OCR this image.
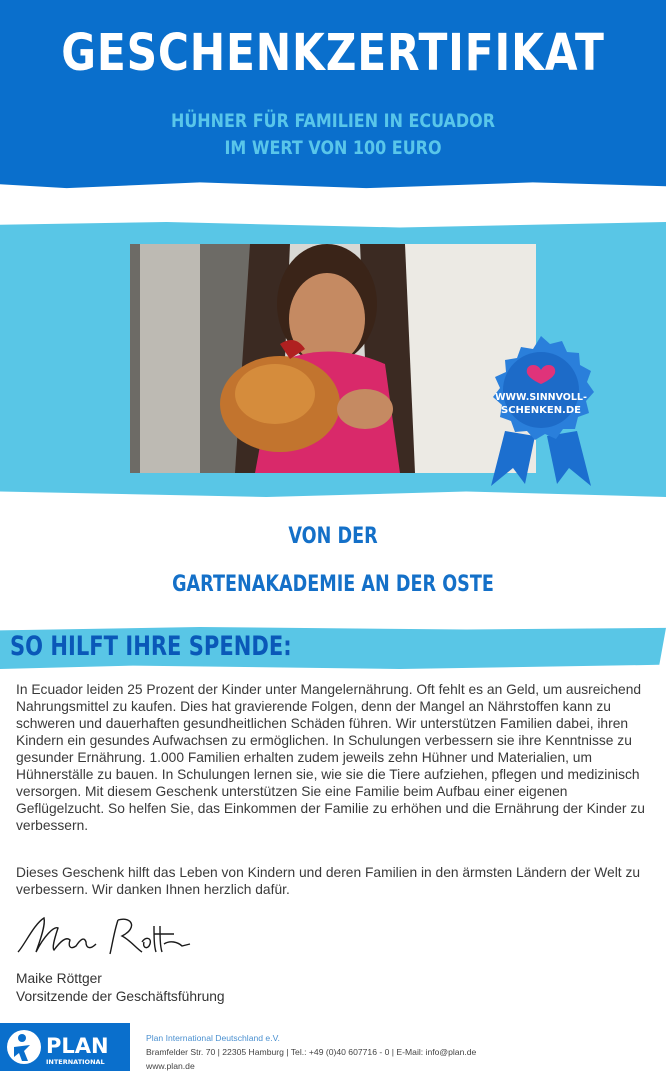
GESCHENKZERTIFIKAT
HÜHNER FÜR FAMILIEN IN ECUADOR
IM WERT VON 100 EURO
WWW.SINNVOLL-
SCHENKEN.DE
VON DER
GARTENAKADEMIE AN DER OSTE
SO HILFT IHRE SPENDE:
In Ecuador leiden 25 Prozent der Kinder unter Mangelernährung. Oft fehlt es an Geld, um ausreichend
Nahrungsmittel zu kaufen. Dies hat gravierende Folgen, denn der Mangel an Nährstoffen kann zu
schweren und dauerhaften gesundheitlichen Schäden führen. Wir unterstützen Familien dabei, ihren
Kindern ein gesundes Aufwachsen zu ermöglichen. In Schulungen verbessern sie ihre Kenntnisse zu
gesunder Ernährung. 1.000 Familien erhalten zudem jeweils zehn Hühner und Materialien, um
Hühnerställe zu bauen. In Schulungen lernen sie, wie sie die Tiere aufziehen, pflegen und medizinisch
versorgen. Mit diesem Geschenk unterstützen Sie eine Familie beim Aufbau einer eigenen
Geflügelzucht. So helfen Sie, das Einkommen der Familie zu erhöhen und die Ernährung der Kinder zu
verbessern.
Dieses Geschenk hilft das Leben von Kindern und deren Familien in den ärmsten Ländern der Welt zu
verbessern. Wir danken Ihnen herzlich dafür.
Maike Röttger
Vorsitzende der Geschäftsführung
PLAN
INTERNATIONAL
Plan International Deutschland e.V.
Bramfelder Str. 70 | 22305 Hamburg | Tel.: +49 (0)40 607716 - 0 | E-Mail: info@plan.de
www.plan.de
